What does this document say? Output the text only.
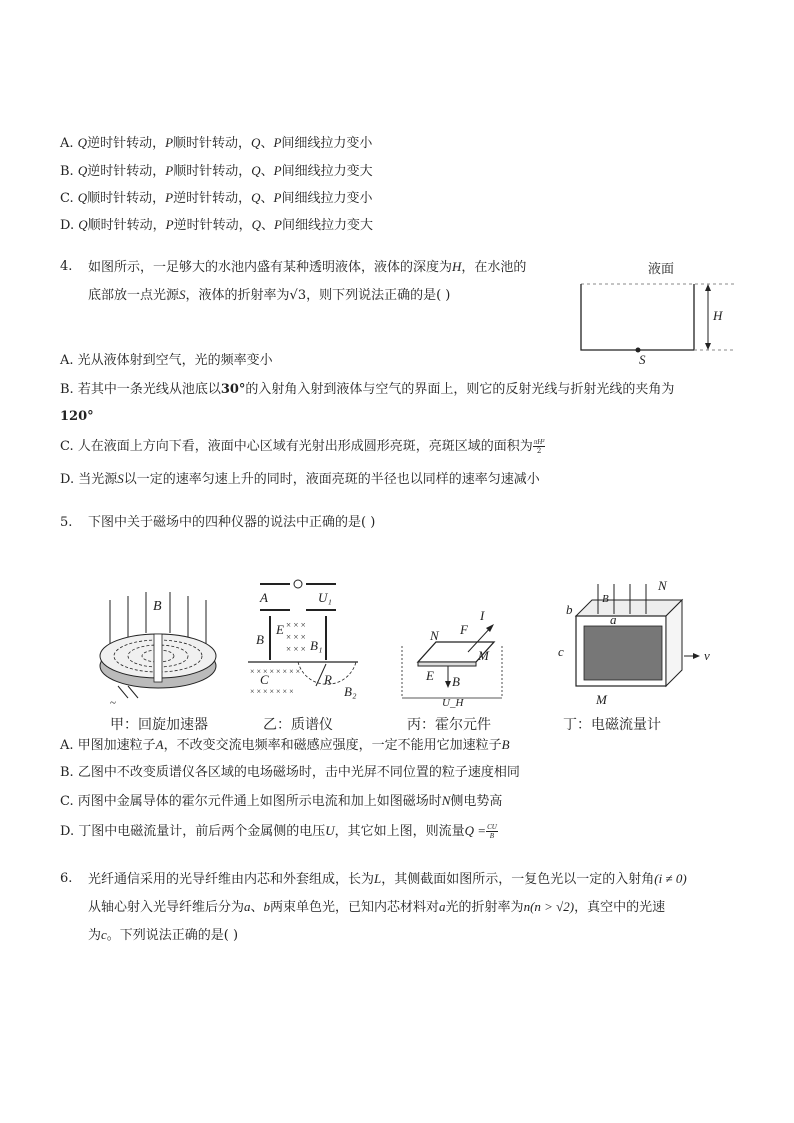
A. Q逆时针转动，P顺时针转动，Q、P间细线拉力变小
B. Q逆时针转动，P顺时针转动，Q、P间细线拉力变大
C. Q顺时针转动，P逆时针转动，Q、P间细线拉力变小
D. Q顺时针转动，P逆时针转动，Q、P间细线拉力变大
4. 如图所示，一足够大的水池内盛有某种透明液体，液体的深度为H，在水池的
底部放一点光源S，液体的折射率为√3，则下列说法正确的是( )
液面
H
S
A. 光从液体射到空气，光的频率变小
B. 若其中一条光线从池底以30°的入射角入射到液体与空气的界面上，则它的反射光线与折射光线的夹角为
120°
C. 人在液面上方向下看，液面中心区域有光射出形成圆形亮斑，亮斑区域的面积为 $\frac{\text{πH²}}{2}$
D. 当光源S以一定的速率匀速上升的同时，液面亮斑的半径也以同样的速率匀速减小
5. 下图中关于磁场中的四种仪器的说法中正确的是( )
B
~
A	U₁
B
E
B₁
× × ×
× × ×
× × ×
C
× × × × × × × ×
× × × × × × ×
R
B₂
N F
I
M
E B
U_H
B
N
b
a
c	v
M
甲：回旋加速器	乙：质谱仪	丙：霍尔元件	丁：电磁流量计
A. 甲图加速粒子A，不改变交流电频率和磁感应强度，一定不能用它加速粒子B
B. 乙图中不改变质谱仪各区域的电场磁场时，击中光屏不同位置的粒子速度相同
C. 丙图中金属导体的霍尔元件通上如图所示电流和加上如图磁场时N侧电势高
D. 丁图中电磁流量计，前后两个金属侧的电压U，其它如上图，则流量$Q = \frac{CU}{B}$
6. 光纤通信采用的光导纤维由内芯和外套组成，长为L，其侧截面如图所示，一复色光以一定的入射角(i ≠ 0)
从轴心射入光导纤维后分为a、b两束单色光，已知内芯材料对a光的折射率为n(n > √2)，真空中的光速
为c。下列说法正确的是( )
